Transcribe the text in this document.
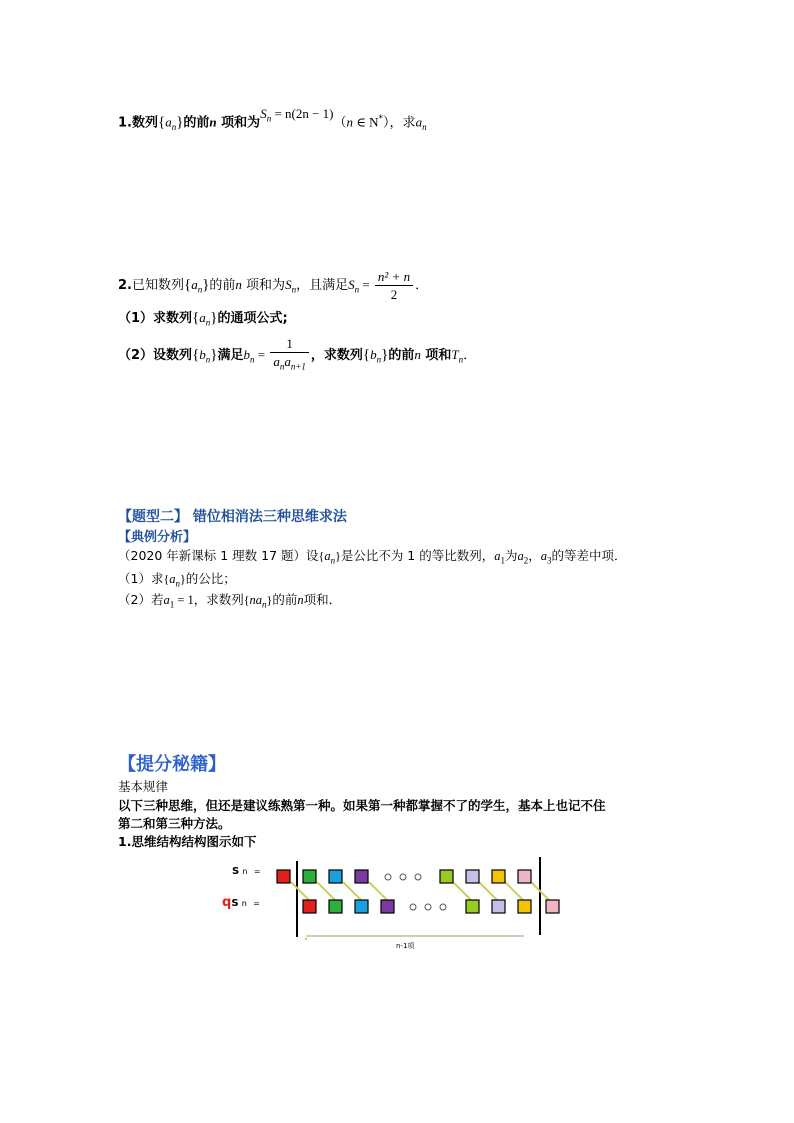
1.数列$\{a_n\}$的前n 项和为$S_n = n(2n - 1)(n$ ∈ N*），求$a_n$
2.已知数列$\{a_n\}$的前n 项和为$S_n$，且满足$S_n = \frac{\text{n² + n}}{2}$ ．
（1）求数列$\{a_n\}$的通项公式;
（2）设数列$\{b_n\}$满足$b_n = \frac{1}{a_na_{n+1}}$ ，求数列$\{b_n\}$的前n 项和$T_n$．
【题型二】 错位相消法三种思维求法
【典例分析】
（2020 年新课标 1 理数 17 题）设$\{a_n\}$是公比不为 1 的等比数列，$a_1$为$a_2$，$a_3$的等差中项．
（1）求$\{a_n\}$的公比；
（2）若$a_1 = 1$，求数列$\{na_n\}$的前n项和．
【提分秘籍】
基本规律
以下三种思维，但还是建议练熟第一种。如果第一种都掌握不了的学生，基本上也记不住
第二和第三种方法。
1.思维结构结构图示如下
S n =
qS n =
n-1项
